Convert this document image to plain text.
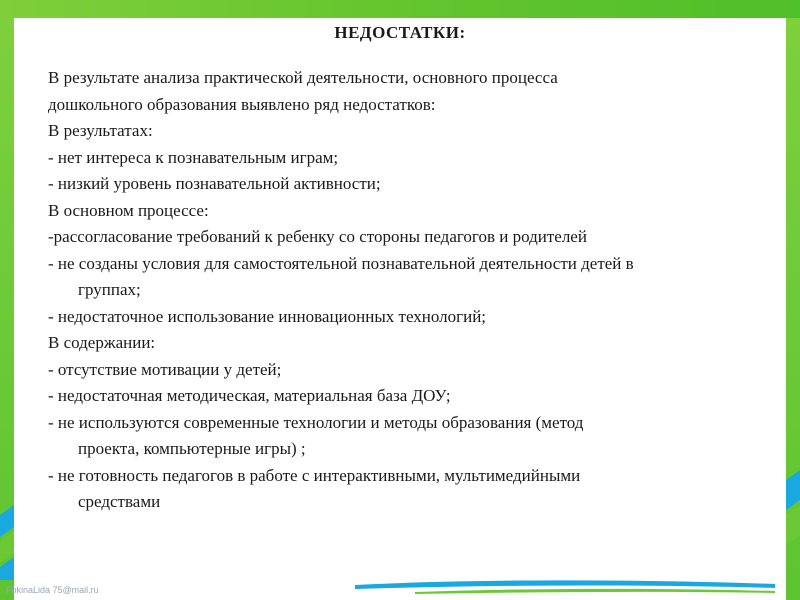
НЕДОСТАТКИ:
В результате анализа практической деятельности, основного процесса
дошкольного образования выявлено ряд недостатков:
В результатах:
- нет интереса к познавательным играм;
- низкий уровень познавательной активности;
В основном процессе:
-рассогласование требований к ребенку со стороны педагогов и родителей
- не созданы условия для самостоятельной познавательной деятельности детей в
группах;
- недостаточное использование инновационных технологий;
В содержании:
- отсутствие мотивации у детей;
- недостаточная методическая, материальная база ДОУ;
- не используются современные технологии и методы образования (метод
проекта, компьютерные игры) ;
- не готовность педагогов в работе с интерактивными, мультимедийными
средствами
FokinaLida 75@mail.ru
